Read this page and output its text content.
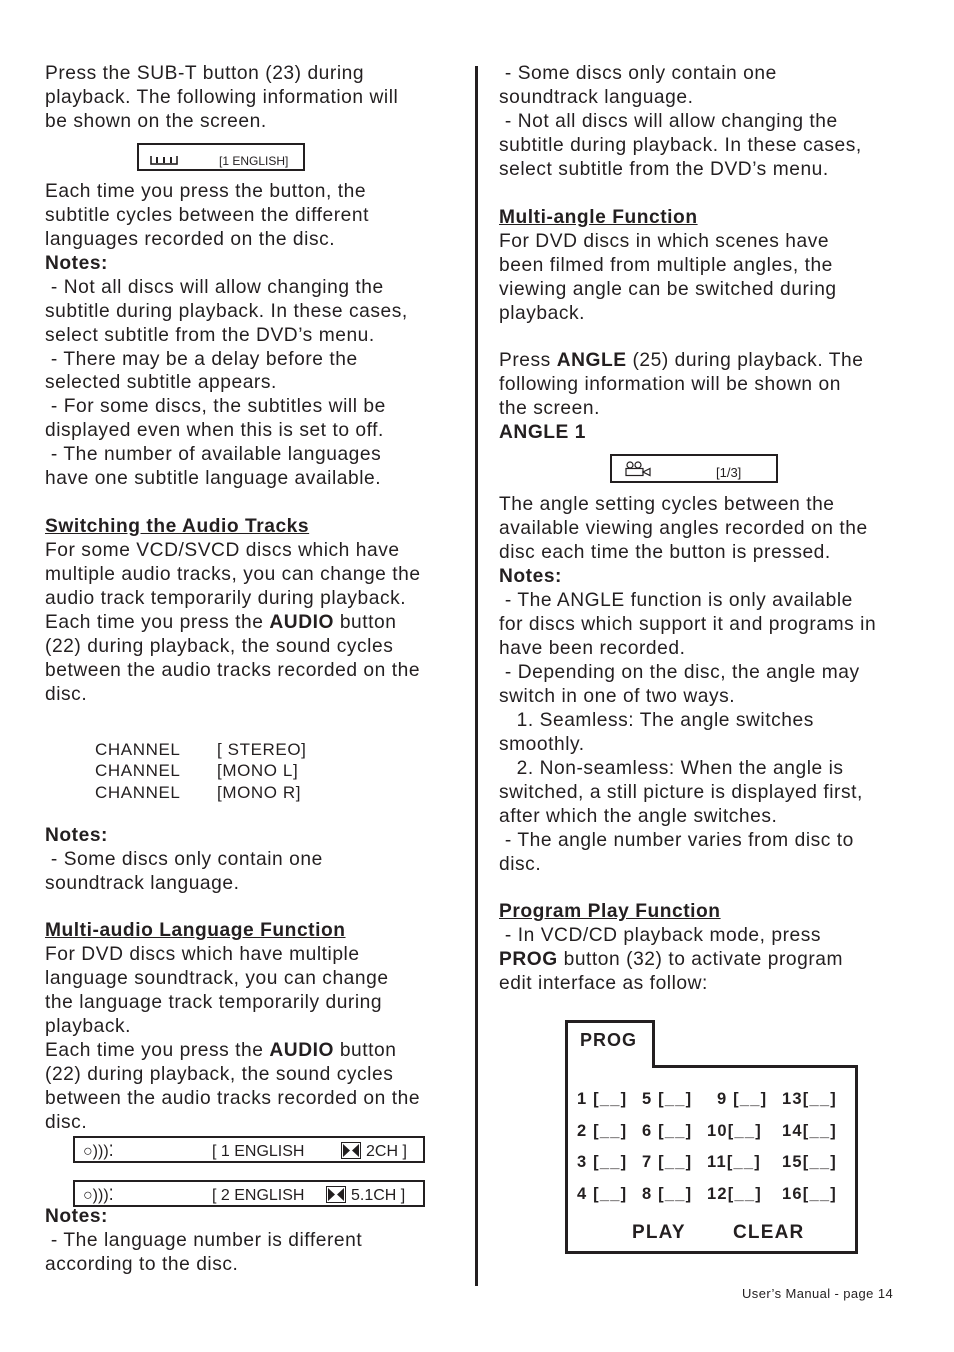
Press the SUB-T button (23) during

playback. The following information will

be shown on the screen.

[1 ENGLISH]

Each time you press the button, the

subtitle cycles between the different

languages recorded on the disc.

Notes:

- Not all discs will allow changing the

subtitle during playback. In these cases,

select subtitle from the DVD’s menu.

- There may be a delay before the

selected subtitle appears.

- For some discs, the subtitles will be

displayed even when this is set to off.

- The number of available languages

have one subtitle language available.

Switching the Audio Tracks

For some VCD/SVCD discs which have

multiple audio tracks, you can change the

audio track temporarily during playback.

Each time you press the AUDIO button

(22) during playback, the sound cycles

between the audio tracks recorded on the

disc.

CHANNEL [ STEREO]
CHANNEL [MONO L]
CHANNEL [MONO R]

Notes:

- Some discs only contain one

soundtrack language.

Multi-audio Language Function

For DVD discs which have multiple

language soundtrack, you can change

the language track temporarily during

playback.

Each time you press the AUDIO button

(22) during playback, the sound cycles

between the audio tracks recorded on the

disc.

○)))⁚	[ 1 ENGLISH	2CH ]
○)))⁚	[ 2 ENGLISH	5.1CH ]

Notes:

- The language number is different

according to the disc.

- Some discs only contain one

soundtrack language.

- Not all discs will allow changing the

subtitle during playback. In these cases,

select subtitle from the DVD’s menu.

Multi-angle Function

For DVD discs in which scenes have

been filmed from multiple angles, the

viewing angle can be switched during

playback.

Press ANGLE (25) during playback. The

following information will be shown on

the screen.

ANGLE 1

[1/3]

The angle setting cycles between the

available viewing angles recorded on the

disc each time the button is pressed.

Notes:

- The ANGLE function is only available

for discs which support it and programs in

have been recorded.

- Depending on the disc, the angle may

switch in one of two ways.

1. Seamless: The angle switches

smoothly.

2. Non-seamless: When the angle is

switched, a still picture is displayed first,

after which the angle switches.

- The angle number varies from disc to

disc.

Program Play Function

- In VCD/CD playback mode, press

PROG button (32) to activate program

edit interface as follow:

PROG
1 [__] 5 [__] 9 [__] 13[__]
2 [__] 6 [__] 10[__] 14[__]
3 [__] 7 [__] 11[__] 15[__]
4 [__] 8 [__] 12[__] 16[__]
PLAY CLEAR
User’s Manual - page 14
